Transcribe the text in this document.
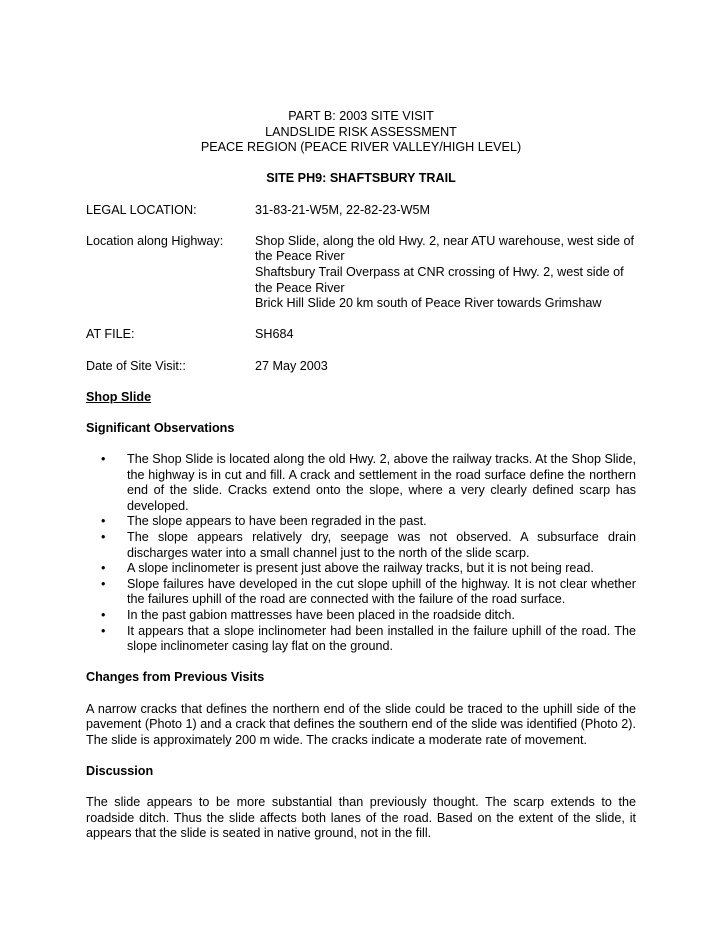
PART B: 2003 SITE VISIT
LANDSLIDE RISK ASSESSMENT
PEACE REGION (PEACE RIVER VALLEY/HIGH LEVEL)
SITE PH9: SHAFTSBURY TRAIL
LEGAL LOCATION:	31-83-21-W5M, 22-82-23-W5M
Location along Highway:	Shop Slide, along the old Hwy. 2, near ATU warehouse, west side of the Peace River
Shaftsbury Trail Overpass at CNR crossing of Hwy. 2, west side of the Peace River
Brick Hill Slide 20 km south of Peace River towards Grimshaw
AT FILE:	SH684
Date of Site Visit::	27 May 2003
Shop Slide
Significant Observations
• The Shop Slide is located along the old Hwy. 2, above the railway tracks. At the Shop Slide, the highway is in cut and fill. A crack and settlement in the road surface define the northern end of the slide. Cracks extend onto the slope, where a very clearly defined scarp has developed.
• The slope appears to have been regraded in the past.
• The slope appears relatively dry, seepage was not observed. A subsurface drain discharges water into a small channel just to the north of the slide scarp.
• A slope inclinometer is present just above the railway tracks, but it is not being read.
• Slope failures have developed in the cut slope uphill of the highway. It is not clear whether the failures uphill of the road are connected with the failure of the road surface.
• In the past gabion mattresses have been placed in the roadside ditch.
• It appears that a slope inclinometer had been installed in the failure uphill of the road. The slope inclinometer casing lay flat on the ground.
Changes from Previous Visits

A narrow cracks that defines the northern end of the slide could be traced to the uphill side of the pavement (Photo 1) and a crack that defines the southern end of the slide was identified (Photo 2). The slide is approximately 200 m wide. The cracks indicate a moderate rate of movement.

Discussion

The slide appears to be more substantial than previously thought. The scarp extends to the roadside ditch. Thus the slide affects both lanes of the road. Based on the extent of the slide, it appears that the slide is seated in native ground, not in the fill.
